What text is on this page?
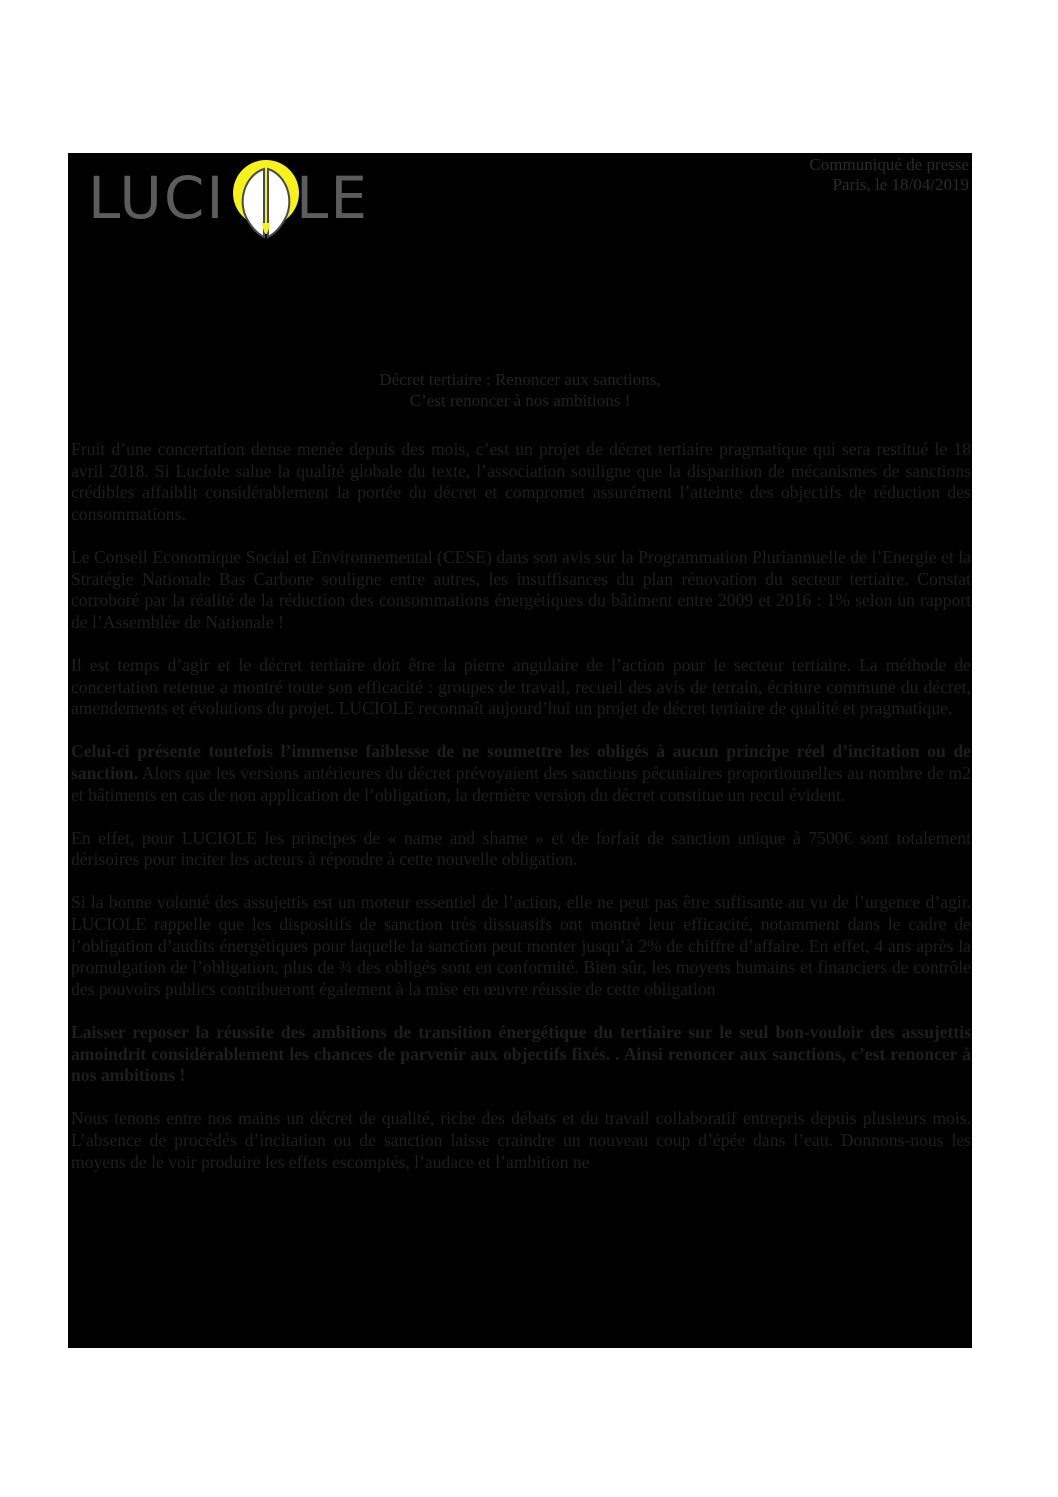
LUCI LE	Communiqué de presse
Paris, le 18/04/2019
Décret tertiaire : Renoncer aux sanctions,
C’est renoncer à nos ambitions !

Fruit d’une concertation dense menée depuis des mois, c’est un projet de décret tertiaire pragmatique qui sera restitué le 18 avril 2018. Si Luciole salue la qualité globale du texte, l’association souligne que la disparition de mécanismes de sanctions crédibles affaiblit considérablement la portée du décret et compromet assurément l’atteinte des objectifs de réduction des consommations.

Le Conseil Economique Social et Environnemental (CESE) dans son avis sur la Programmation Pluriannuelle de l’Energie et la Stratégie Nationale Bas Carbone souligne entre autres, les insuffisances du plan rénovation du secteur tertiaire. Constat corroboré par la réalité de la réduction des consommations énergétiques du bâtiment entre 2009 et 2016 : 1% selon un rapport de l’Assemblée de Nationale !

Il est temps d’agir et le décret tertiaire doit être la pierre angulaire de l’action pour le secteur tertiaire. La méthode de concertation retenue a montré toute son efficacité : groupes de travail, recueil des avis de terrain, écriture commune du décret, amendements et évolutions du projet. LUCIOLE reconnaît aujourd’hui un projet de décret tertiaire de qualité et pragmatique.

Celui-ci présente toutefois l’immense faiblesse de ne soumettre les obligés à aucun principe réel d’incitation ou de sanction. Alors que les versions antérieures du décret prévoyaient des sanctions pécuniaires proportionnelles au nombre de m2 et bâtiments en cas de non application de l’obligation, la dernière version du décret constitue un recul évident.

En effet, pour LUCIOLE les principes de « name and shame » et de forfait de sanction unique à 7500€ sont totalement dérisoires pour inciter les acteurs à répondre à cette nouvelle obligation.

Si la bonne volonté des assujettis est un moteur essentiel de l’action, elle ne peut pas être suffisante au vu de l’urgence d’agir. LUCIOLE rappelle que les dispositifs de sanction très dissuasifs ont montré leur efficacité, notamment dans le cadre de l’obligation d’audits énergétiques pour laquelle la sanction peut monter jusqu’à 2% de chiffre d’affaire. En effet, 4 ans après la promulgation de l’obligation, plus de ¾ des obligés sont en conformité. Bien sûr, les moyens humains et financiers de contrôle des pouvoirs publics contribueront également à la mise en œuvre réussie de cette obligation

Laisser reposer la réussite des ambitions de transition énergétique du tertiaire sur le seul bon-vouloir des assujettis amoindrit considérablement les chances de parvenir aux objectifs fixés. . Ainsi renoncer aux sanctions, c’est renoncer à nos ambitions !

Nous tenons entre nos mains un décret de qualité, riche des débats et du travail collaboratif entrepris depuis plusieurs mois. L’absence de procédés d’incitation ou de sanction laisse craindre un nouveau coup d’épée dans l’eau. Donnons-nous les moyens de le voir produire les effets escomptés, l’audace et l’ambition ne
